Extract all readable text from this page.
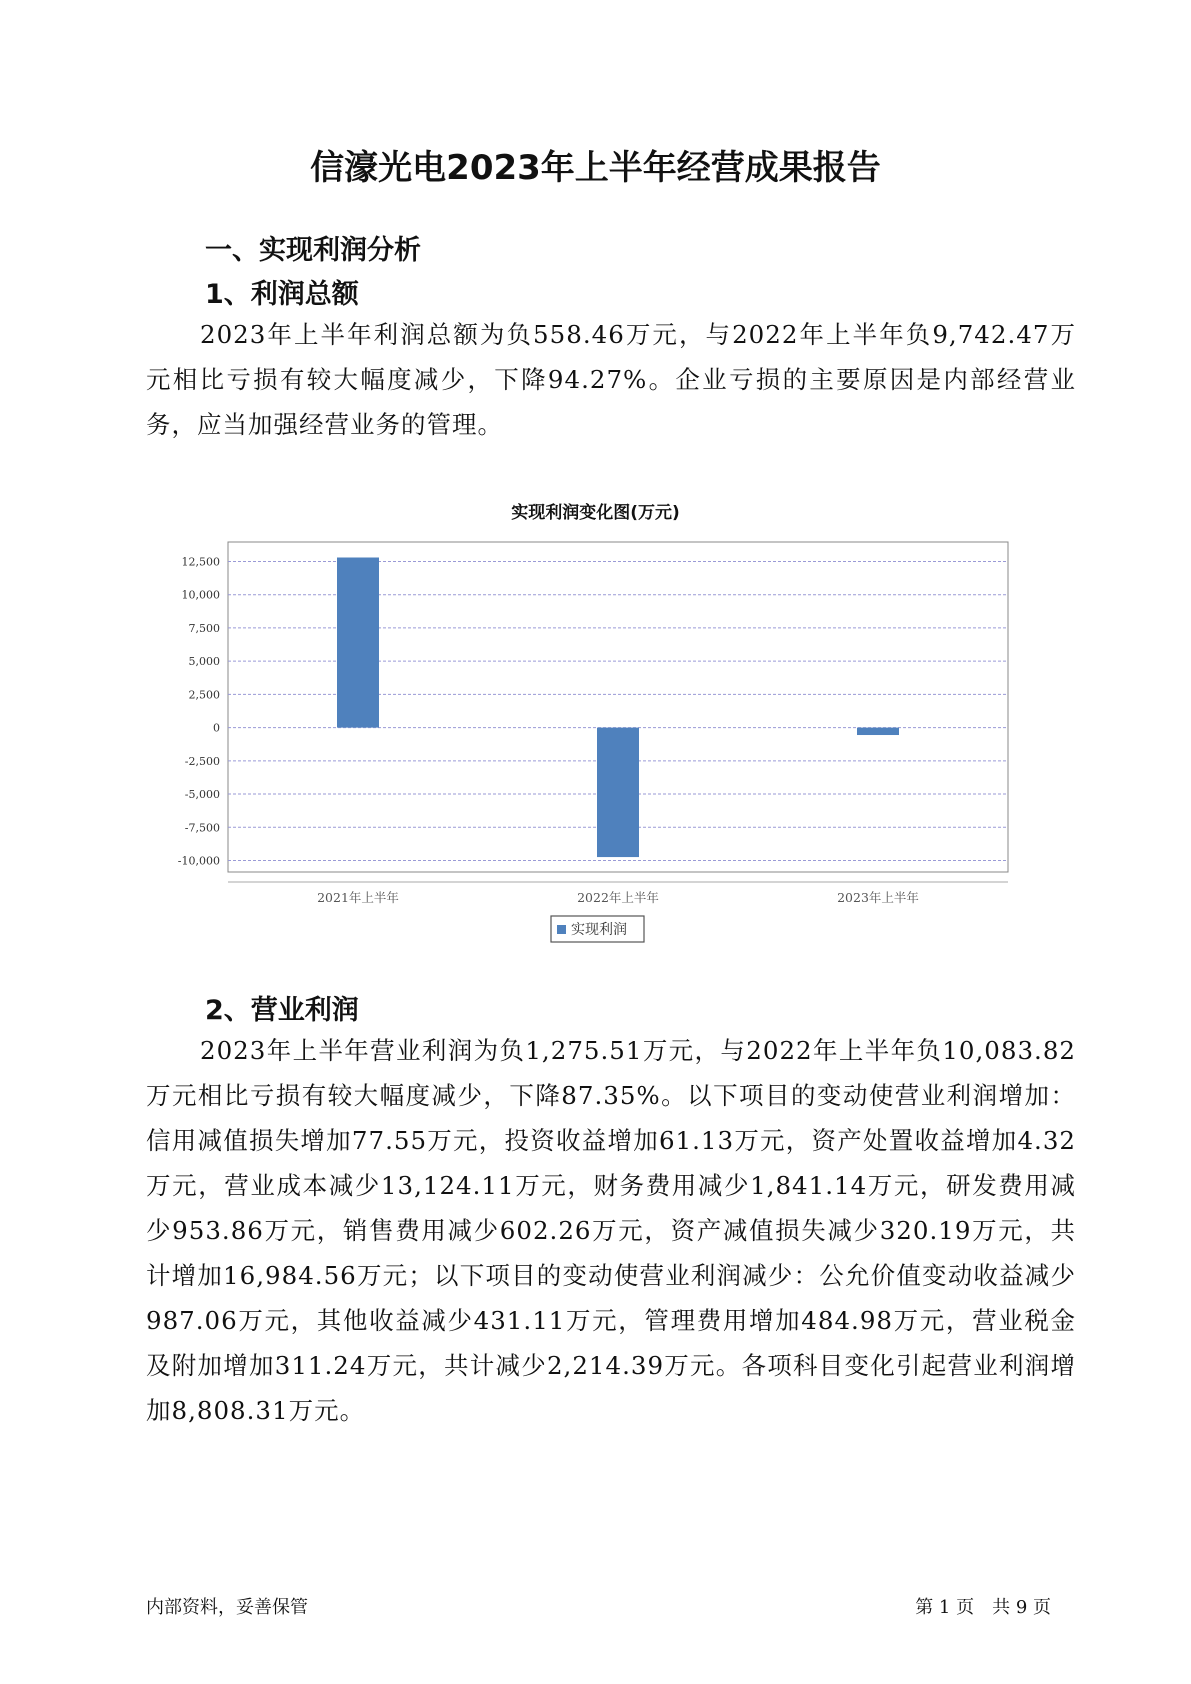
信濠光电2023年上半年经营成果报告
一、实现利润分析
1、利润总额
2023年上半年利润总额为负558.46万元，与2022年上半年负9,742.47万元相比亏损有较大幅度减少，下降94.27%。企业亏损的主要原因是内部经营业务，应当加强经营业务的管理。
实现利润变化图(万元)
12,500
10,000
7,500
5,000
2,500
0
-2,500
-5,000
-7,500
-10,000
2021年上半年	2022年上半年	2023年上半年
实现利润
2、营业利润
2023年上半年营业利润为负1,275.51万元，与2022年上半年负10,083.82万元相比亏损有较大幅度减少，下降87.35%。以下项目的变动使营业利润增加：信用减值损失增加77.55万元，投资收益增加61.13万元，资产处置收益增加4.32万元，营业成本减少13,124.11万元，财务费用减少1,841.14万元，研发费用减少953.86万元，销售费用减少602.26万元，资产减值损失减少320.19万元，共计增加16,984.56万元；以下项目的变动使营业利润减少：公允价值变动收益减少987.06万元，其他收益减少431.11万元，管理费用增加484.98万元，营业税金及附加增加311.24万元，共计减少2,214.39万元。各项科目变化引起营业利润增加8,808.31万元。
内部资料，妥善保管	第 1 页　共 9 页
